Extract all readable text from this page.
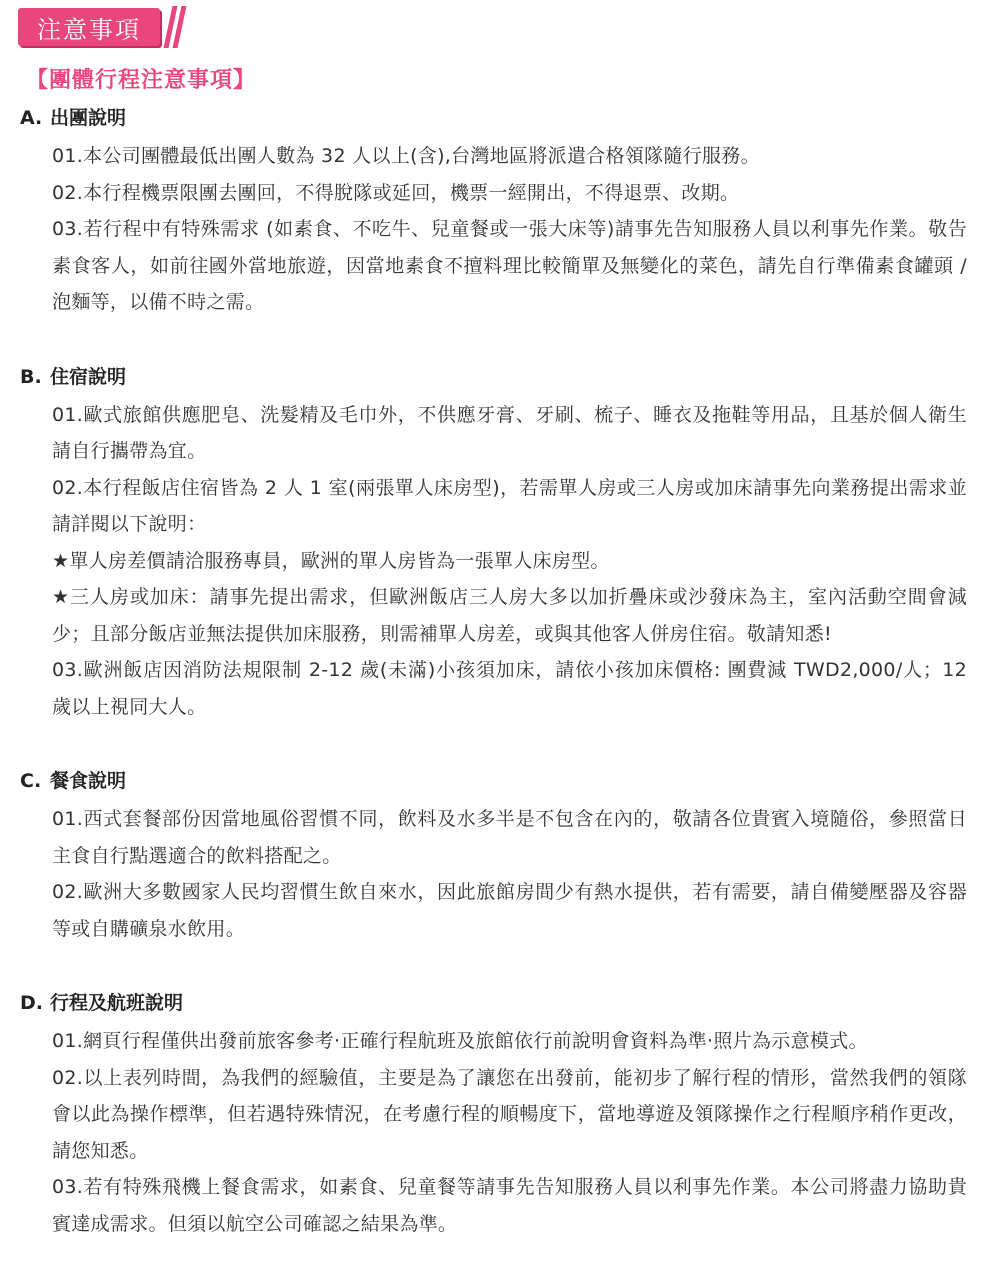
注意事項
【團體行程注意事項】
A. 出團說明
01.本公司團體最低出團人數為 32 人以上(含),台灣地區將派遣合格領隊隨行服務。
02.本行程機票限團去團回，不得脫隊或延回，機票一經開出，不得退票、改期。
03.若行程中有特殊需求 (如素食、不吃牛、兒童餐或一張大床等)請事先告知服務人員以利事先作業。敬告素食客人，如前往國外當地旅遊，因當地素食不擅料理比較簡單及無變化的菜色，請先自行準備素食罐頭 / 泡麵等，以備不時之需。
B. 住宿說明
01.歐式旅館供應肥皂、洗髮精及毛巾外，不供應牙膏、牙刷、梳子、睡衣及拖鞋等用品，且基於個人衛生請自行攜帶為宜。
02.本行程飯店住宿皆為 2 人 1 室(兩張單人床房型)，若需單人房或三人房或加床請事先向業務提出需求並請詳閱以下說明：
★單人房差價請洽服務專員，歐洲的單人房皆為一張單人床房型。
★三人房或加床：請事先提出需求，但歐洲飯店三人房大多以加折疊床或沙發床為主，室內活動空間會減少；且部分飯店並無法提供加床服務，則需補單人房差，或與其他客人併房住宿。敬請知悉!
03.歐洲飯店因消防法規限制 2-12 歲(未滿)小孩須加床，請依小孩加床價格: 團費減 TWD2,000/人；12 歲以上視同大人。
C. 餐食說明
01.西式套餐部份因當地風俗習慣不同，飲料及水多半是不包含在內的，敬請各位貴賓入境隨俗，參照當日主食自行點選適合的飲料搭配之。
02.歐洲大多數國家人民均習慣生飲自來水，因此旅館房間少有熱水提供，若有需要，請自備變壓器及容器等或自購礦泉水飲用。
D. 行程及航班說明
01.網頁行程僅供出發前旅客參考·正確行程航班及旅館依行前說明會資料為準·照片為示意模式。
02.以上表列時間，為我們的經驗值，主要是為了讓您在出發前，能初步了解行程的情形，當然我們的領隊會以此為操作標準，但若遇特殊情況，在考慮行程的順暢度下，當地導遊及領隊操作之行程順序稍作更改，請您知悉。
03.若有特殊飛機上餐食需求，如素食、兒童餐等請事先告知服務人員以利事先作業。本公司將盡力協助貴賓達成需求。但須以航空公司確認之結果為準。
